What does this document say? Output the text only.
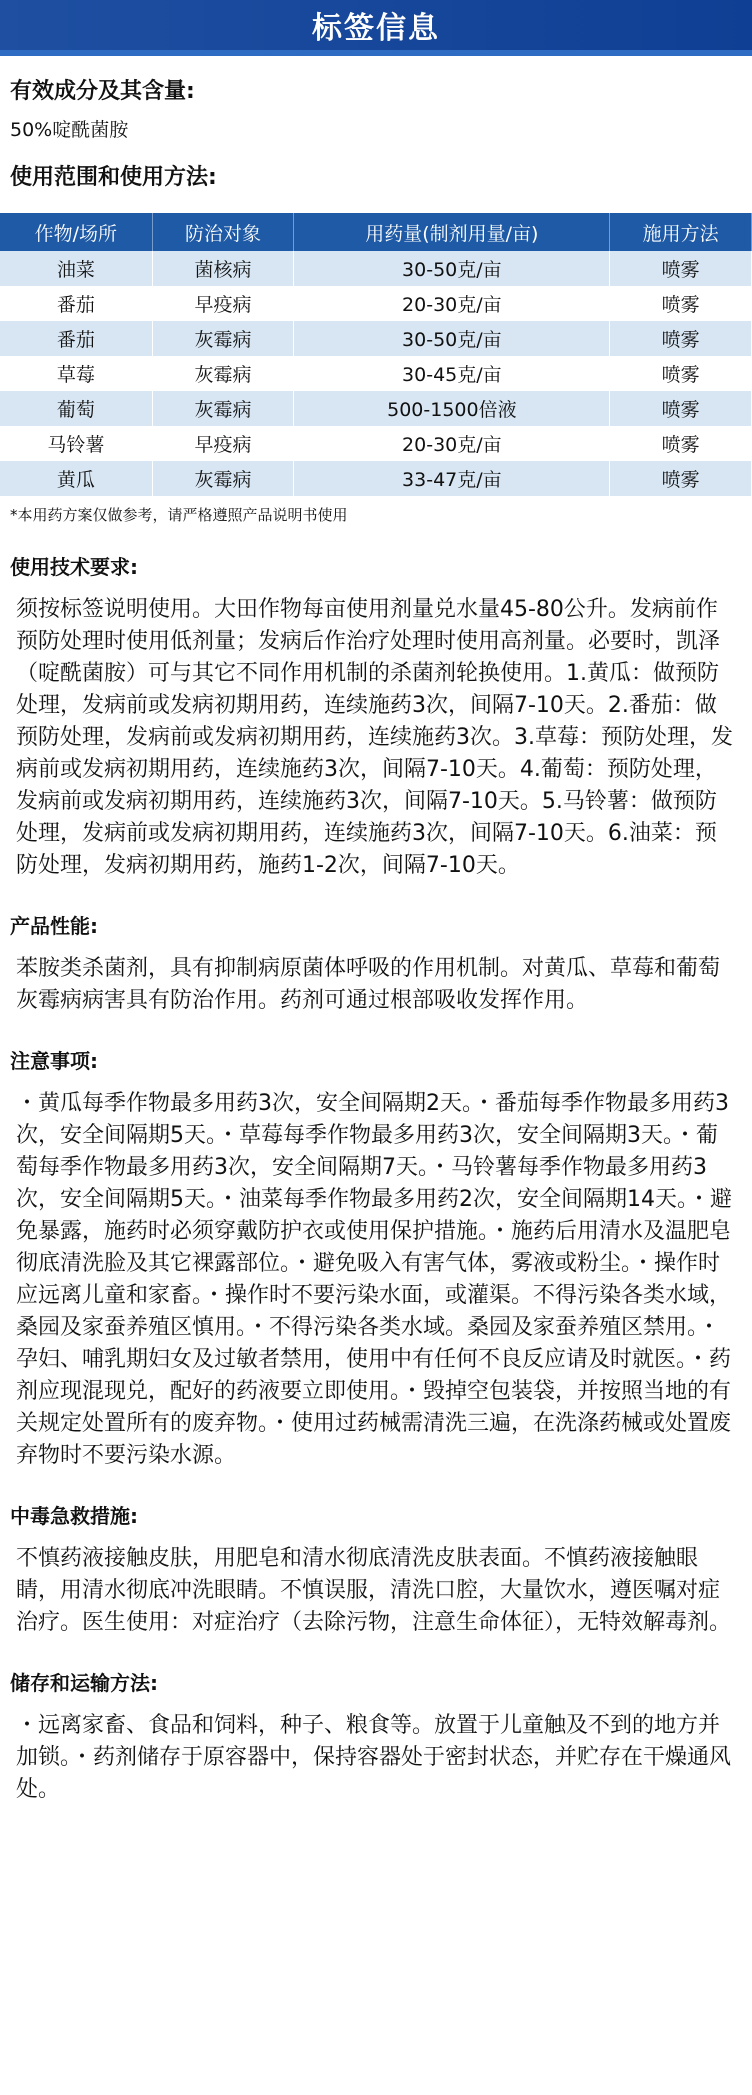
标签信息
有效成分及其含量:
50%啶酰菌胺
使用范围和使用方法:
作物/场所	防治对象	用药量(制剂用量/亩)	施用方法
油菜	菌核病	30-50克/亩	喷雾
番茄	早疫病	20-30克/亩	喷雾
番茄	灰霉病	30-50克/亩	喷雾
草莓	灰霉病	30-45克/亩	喷雾
葡萄	灰霉病	500-1500倍液	喷雾
马铃薯	早疫病	20-30克/亩	喷雾
黄瓜	灰霉病	33-47克/亩	喷雾
*本用药方案仅做参考，请严格遵照产品说明书使用
使用技术要求:
须按标签说明使用。大田作物每亩使用剂量兑水量45-80公升。发病前作预防处理时使用低剂量；发病后作治疗处理时使用高剂量。必要时，凯泽（啶酰菌胺）可与其它不同作用机制的杀菌剂轮换使用。1.黄瓜：做预防处理，发病前或发病初期用药，连续施药3次，间隔7-10天。2.番茄：做预防处理，发病前或发病初期用药，连续施药3次。3.草莓：预防处理，发病前或发病初期用药，连续施药3次，间隔7-10天。4.葡萄：预防处理，发病前或发病初期用药，连续施药3次，间隔7-10天。5.马铃薯：做预防处理，发病前或发病初期用药，连续施药3次，间隔7-10天。6.油菜：预防处理，发病初期用药，施药1-2次，间隔7-10天。
产品性能:
苯胺类杀菌剂，具有抑制病原菌体呼吸的作用机制。对黄瓜、草莓和葡萄灰霉病病害具有防治作用。药剂可通过根部吸收发挥作用。
注意事项:
・黄瓜每季作物最多用药3次，安全间隔期2天。・番茄每季作物最多用药3次，安全间隔期5天。・草莓每季作物最多用药3次，安全间隔期3天。・葡萄每季作物最多用药3次，安全间隔期7天。・马铃薯每季作物最多用药3次，安全间隔期5天。・油菜每季作物最多用药2次，安全间隔期14天。・避免暴露，施药时必须穿戴防护衣或使用保护措施。・施药后用清水及温肥皂彻底清洗脸及其它裸露部位。・避免吸入有害气体，雾液或粉尘。・操作时应远离儿童和家畜。・操作时不要污染水面，或灌渠。不得污染各类水域，桑园及家蚕养殖区慎用。・不得污染各类水域。桑园及家蚕养殖区禁用。・孕妇、哺乳期妇女及过敏者禁用，使用中有任何不良反应请及时就医。・药剂应现混现兑，配好的药液要立即使用。・毁掉空包装袋，并按照当地的有关规定处置所有的废弃物。・使用过药械需清洗三遍，在洗涤药械或处置废弃物时不要污染水源。
中毒急救措施:
不慎药液接触皮肤，用肥皂和清水彻底清洗皮肤表面。不慎药液接触眼睛，用清水彻底冲洗眼睛。不慎误服，清洗口腔，大量饮水，遵医嘱对症治疗。医生使用：对症治疗（去除污物，注意生命体征），无特效解毒剂。
储存和运输方法:
・远离家畜、食品和饲料，种子、粮食等。放置于儿童触及不到的地方并加锁。・药剂储存于原容器中，保持容器处于密封状态，并贮存在干燥通风处。
